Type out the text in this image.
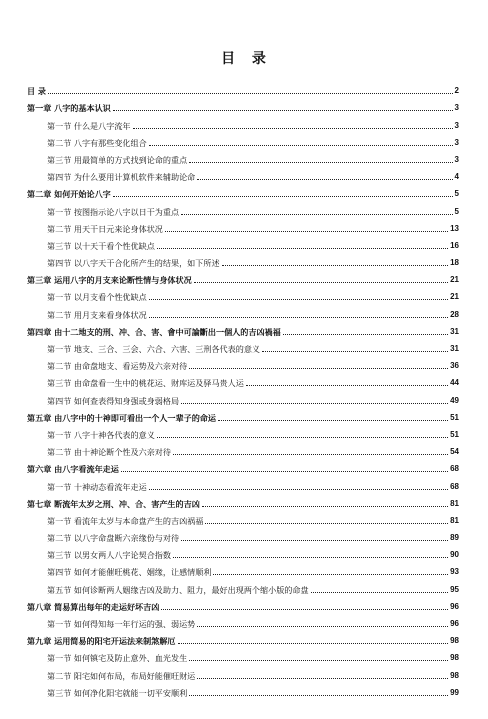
目 录
目 录	2
第一章 八字的基本认识	3
第一节 什么是八字流年	3
第二节 八字有那些变化组合	3
第三节 用最简单的方式找到论命的重点	3
第四节 为什么要用计算机软件来辅助论命	4
第二章 如何开始论八字	5
第一节 按图指示论八字以日干为重点	5
第二节 用天干日元来论身体状况	13
第三节 以十天干看个性优缺点	16
第四节 以八字天干合化所产生的结果，如下所述	18
第三章 运用八字的月支来论断性情与身体状况	21
第一节 以月支看个性优缺点	21
第二节 用月支来看身体状况	28
第四章 由十二地支的刑、冲、合、害、會中可論斷出一個人的吉凶禍福	31
第一节 地支、三合、三会、六合、六害、三刑各代表的意义	31
第二节 由命盘地支、看运势及六亲对待	36
第三节 由命盘看一生中的桃花运、财库运及驿马贵人运	44
第四节 如何查表得知身强或身弱格局	49
第五章 由八字中的十神即可看出一个人一辈子的命运	51
第一节 八字十神各代表的意义	51
第二节 由十神论断个性及六亲对待	54
第六章 由八字看流年走运	68
第一节 十神动态看流年走运	68
第七章 断流年太岁之刑、冲、合、害产生的吉凶	81
第一节 看流年太岁与本命盘产生的吉凶祸福	81
第二节 以八字命盘断六亲缘份与对待	89
第三节 以男女两人八字论契合指数	90
第四节 如何才能催旺桃花、姻缘，让感情顺利	93
第五节 如何诊断两人姻缘吉凶及助力、阻力，最好出现两个缩小版的命盘	95
第八章 简易算出每年的走运好坏吉凶	96
第一节 如何得知每一年行运的强、弱运势	96
第九章 运用简易的阳宅开运法来制煞解厄	98
第一节 如何镇宅及防止意外、血光发生	98
第二节 阳宅如何布局，布局好能催旺财运	98
第三节 如何净化阳宅就能一切平安顺利	99
